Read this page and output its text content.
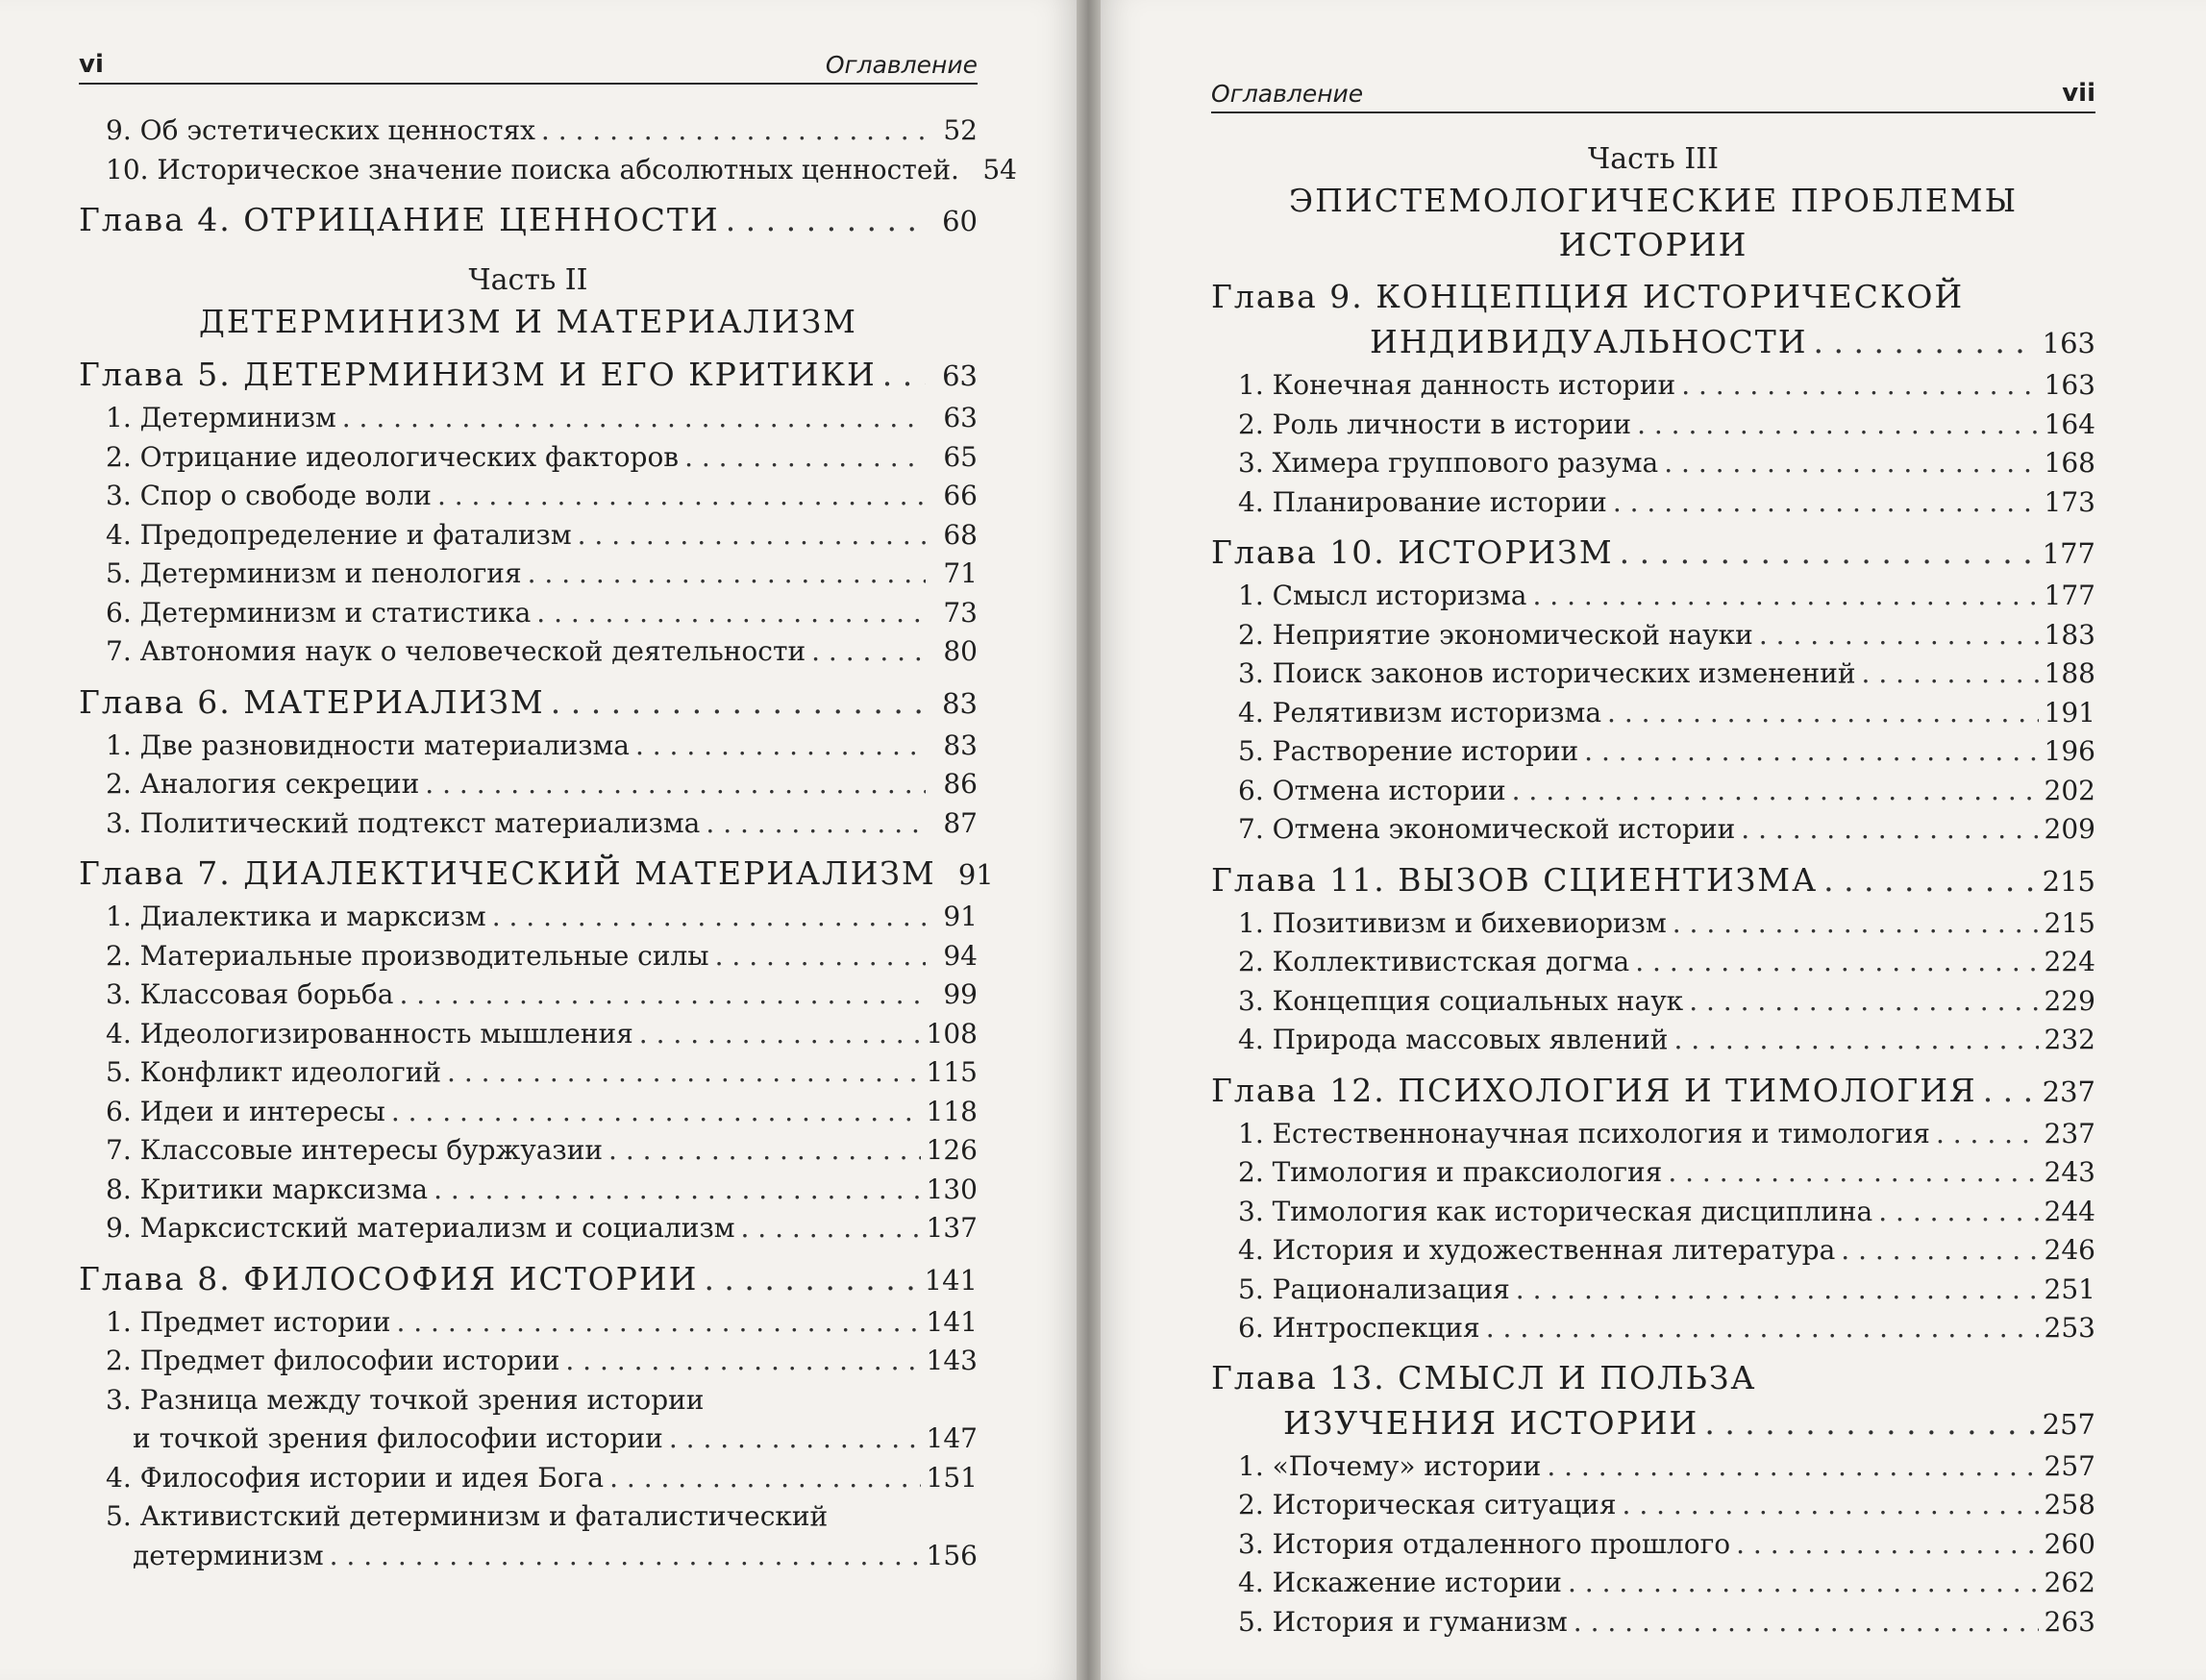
vi	Оглавление
9. Об эстетических ценностях . . .	52
10. Историческое значение поиска абсолютных ценностей. 54
Глава 4. ОТРИЦАНИЕ ЦЕННОСТИ . . .	60
Часть II
ДЕТЕРМИНИЗМ И МАТЕРИАЛИЗМ
Глава 5. ДЕТЕРМИНИЗМ И ЕГО КРИТИКИ . . .	63
1. Детерминизм . . .	63
2. Отрицание идеологических факторов . . .	65
3. Спор о свободе воли . . .	66
4. Предопределение и фатализм . . .	68
5. Детерминизм и пенология . . .	71
6. Детерминизм и статистика . . .	73
7. Автономия наук о человеческой деятельности . . .	80
Глава 6. МАТЕРИАЛИЗМ . . .	83
1. Две разновидности материализма . . .	83
2. Аналогия секреции . . .	86
3. Политический подтекст материализма . . .	87
Глава 7. ДИАЛЕКТИЧЕСКИЙ МАТЕРИАЛИЗМ 91
1. Диалектика и марксизм . . .	91
2. Материальные производительные силы . . .	94
3. Классовая борьба . . .	99
4. Идеологизированность мышления . . .	108
5. Конфликт идеологий . . .	115
6. Идеи и интересы . . .	118
7. Классовые интересы буржуазии . . .	126
8. Критики марксизма . . .	130
9. Марксистский материализм и социализм . . .	137
Глава 8. ФИЛОСОФИЯ ИСТОРИИ . . .	141
1. Предмет истории . . .	141
2. Предмет философии истории . . .	143
3. Разница между точкой зрения истории
и точкой зрения философии истории . . .	147
4. Философия истории и идея Бога . . .	151
5. Активистский детерминизм и фаталистический
детерминизм . . .	156
Оглавление	vii
Часть III
ЭПИСТЕМОЛОГИЧЕСКИЕ ПРОБЛЕМЫ ИСТОРИИ
Глава 9. КОНЦЕПЦИЯ ИСТОРИЧЕСКОЙ
ИНДИВИДУАЛЬНОСТИ . . .	163
1. Конечная данность истории . . .	163
2. Роль личности в истории . . .	164
3. Химера группового разума . . .	168
4. Планирование истории . . .	173
Глава 10. ИСТОРИЗМ . . .	177
1. Смысл историзма . . .	177
2. Неприятие экономической науки . . .	183
3. Поиск законов исторических изменений . . .	188
4. Релятивизм историзма . . .	191
5. Растворение истории . . .	196
6. Отмена истории . . .	202
7. Отмена экономической истории . . .	209
Глава 11. ВЫЗОВ СЦИЕНТИЗМА . . .	215
1. Позитивизм и бихевиоризм . . .	215
2. Коллективистская догма . . .	224
3. Концепция социальных наук . . .	229
4. Природа массовых явлений . . .	232
Глава 12. ПСИХОЛОГИЯ И ТИМОЛОГИЯ . . . 237
1. Естественнонаучная психология и тимология . . .	237
2. Тимология и праксиология . . .	243
3. Тимология как историческая дисциплина . . .	244
4. История и художественная литература . . .	246
5. Рационализация . . .	251
6. Интроспекция . . .	253
Глава 13. СМЫСЛ И ПОЛЬЗА
ИЗУЧЕНИЯ ИСТОРИИ . . .	257
1. «Почему» истории . . .	257
2. Историческая ситуация . . .	258
3. История отдаленного прошлого . . .	260
4. Искажение истории . . .	262
5. История и гуманизм . . .	263
